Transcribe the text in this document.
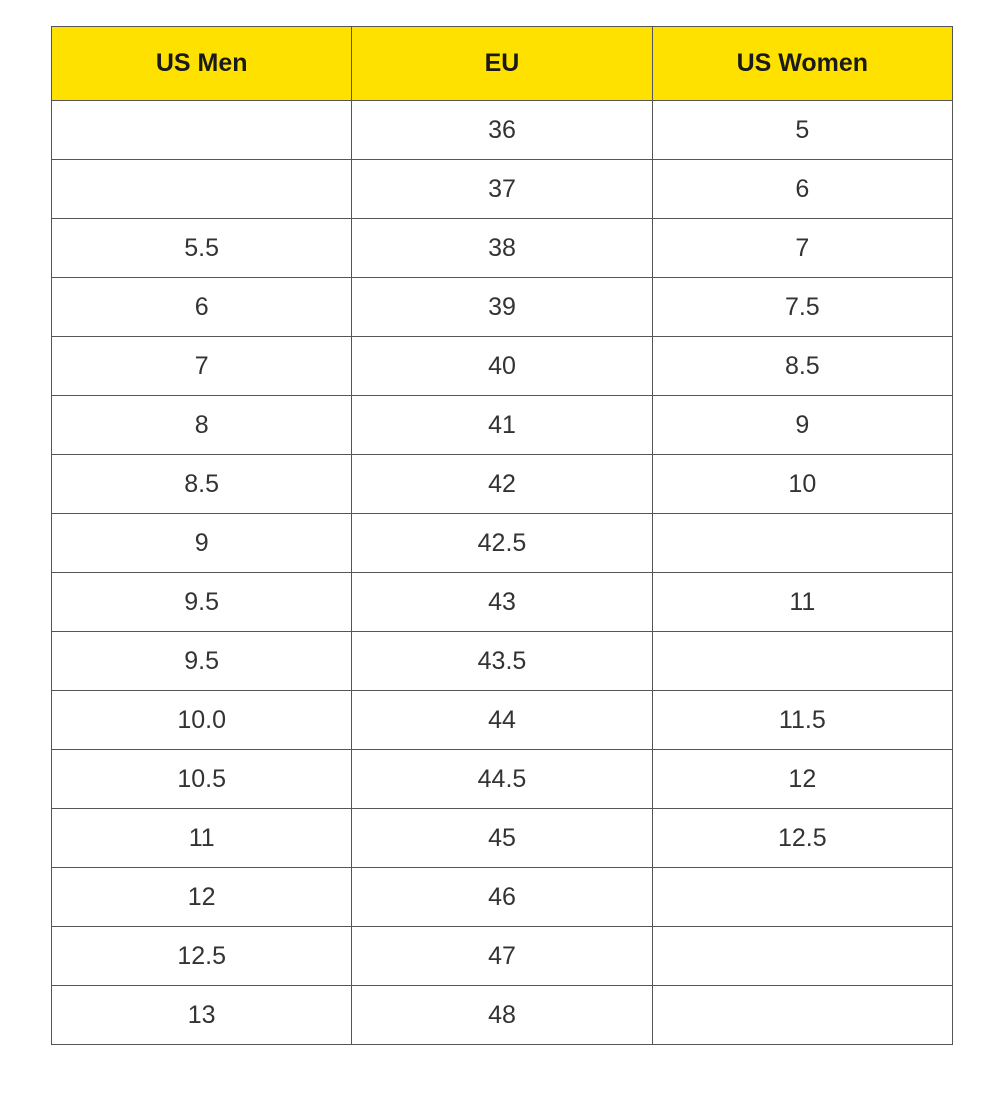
US Men	EU	US Women
	36	5
	37	6
5.5	38	7
6	39	7.5
7	40	8.5
8	41	9
8.5	42	10
9	42.5	
9.5	43	11
9.5	43.5	
10.0	44	11.5
10.5	44.5	12
11	45	12.5
12	46	
12.5	47	
13	48	
